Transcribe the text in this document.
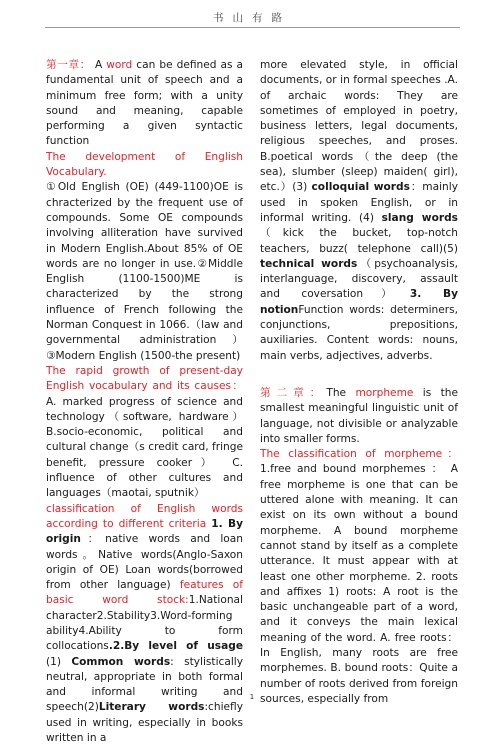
书山有路

第一章： A word can be defined as a fundamental unit of speech and a minimum free form; with a unity sound and meaning, capable performing a given syntactic function

The development of English Vocabulary.

①Old English (OE) (449-1100)OE is chracterized by the frequent use of compounds. Some OE compounds involving alliteration have survived in Modern English.About 85% of OE words are no longer in use.②Middle English (1100-1500)ME is characterized by the strong influence of French following the Norman Conquest in 1066.（law and governmental administration）③Modern English (1500-the present)

The rapid growth of present-day English vocabulary and its causes：A. marked progress of science and technology（software, hardware）B.socio-economic, political and cultural change（s credit card, fringe benefit, pressure cooker） C. influence of other cultures and languages（maotai, sputnik）

classification of English words according to different criteria 1. By origin：native words and loan words。Native words(Anglo-Saxon origin of OE) Loan words(borrowed from other language) features of basic word stock:1.National character2.Stability3.Word-forming ability4.Ability to form collocations.2.By level of usage (1) Common words: stylistically neutral, appropriate in both formal and informal writing and speech(2)Literary words:chiefly used in writing, especially in books written in a

more elevated style, in official documents, or in formal speeches .A. of archaic words: They are sometimes of employed in poetry, business letters, legal documents, religious speeches, and proses. B.poetical words（the deep (the sea), slumber (sleep) maiden( girl), etc.）(3) colloquial words：mainly used in spoken English, or in informal writing. (4) slang words（kick the bucket, top-notch teachers, buzz( telephone call)(5) technical words（psychoanalysis, interlanguage, discovery, assault and coversation）3. By notionFunction words: determiners, conjunctions, prepositions, auxiliaries. Content words: nouns, main verbs, adjectives, adverbs.

第二章：The morpheme is the smallest meaningful linguistic unit of language, not divisible or analyzable into smaller forms.

The classification of morpheme：1.free and bound morphemes ： A free morpheme is one that can be uttered alone with meaning. It can exist on its own without a bound morpheme. A bound morpheme cannot stand by itself as a complete utterance. It must appear with at least one other morpheme. 2. roots and affixes 1) roots: A root is the basic unchangeable part of a word, and it conveys the main lexical meaning of the word. A. free roots：In English, many roots are free morphemes. B. bound roots：Quite a number of roots derived from foreign sources, especially from

1
